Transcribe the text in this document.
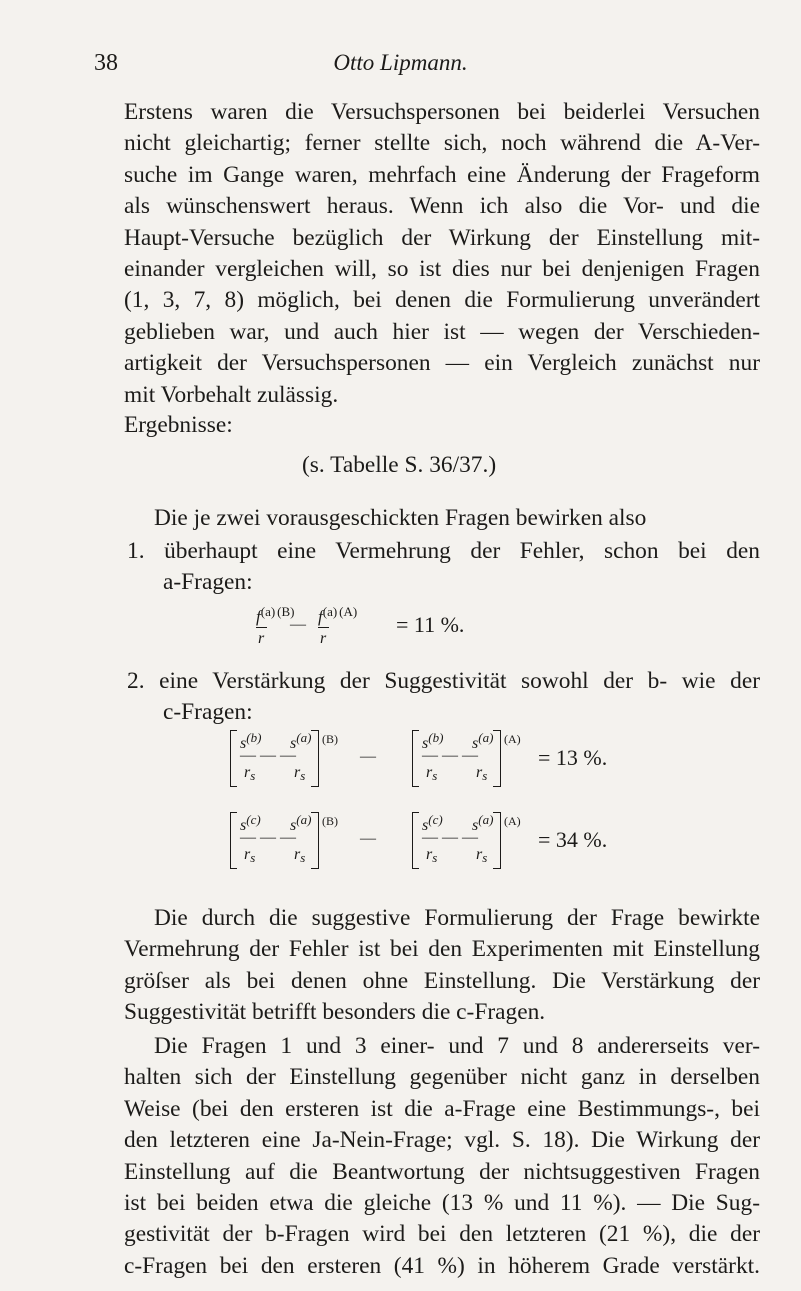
38	Otto Lipmann.
Erstens waren die Versuchspersonen bei beiderlei Versuchen
nicht gleichartig; ferner stellte sich, noch während die A-Ver-
suche im Gange waren, mehrfach eine Änderung der Frageform
als wünschenswert heraus. Wenn ich also die Vor- und die
Haupt-Versuche bezüglich der Wirkung der Einstellung mit-
einander vergleichen will, so ist dies nur bei denjenigen Fragen
(1, 3, 7, 8) möglich, bei denen die Formulierung unverändert
geblieben war, und auch hier ist — wegen der Verschieden-
artigkeit der Versuchspersonen — ein Vergleich zunächst nur
mit Vorbehalt zulässig.
Ergebnisse:
(s. Tabelle S. 36/37.)
Die je zwei vorausgeschickten Fragen bewirken also
1. überhaupt eine Vermehrung der Fehler, schon bei den
a-Fragen:
$f^{(a)}$ $^{(B)}$
r
— $f^{(a)}$ $^{(A)}$
r
= 11 %.
2. eine Verstärkung der Suggestivität sowohl der b- wie der
c-Fragen:
$s^{(b)}$
— — —
rs
$s^{(a)}$
rs
(B)
—
$s^{(b)}$
— — —
rs
$s^{(a)}$
rs
(A)
= 13 %.
$s^{(c)}$
— — —
rs
$s^{(a)}$
rs
(B)
—
$s^{(c)}$
— — —
rs
$s^{(a)}$
rs
(A)
= 34 %.
Die durch die suggestive Formulierung der Frage bewirkte
Vermehrung der Fehler ist bei den Experimenten mit Einstellung
gröſser als bei denen ohne Einstellung. Die Verstärkung der
Suggestivität betrifft besonders die c-Fragen.
Die Fragen 1 und 3 einer- und 7 und 8 andererseits ver-
halten sich der Einstellung gegenüber nicht ganz in derselben
Weise (bei den ersteren ist die a-Frage eine Bestimmungs-, bei
den letzteren eine Ja-Nein-Frage; vgl. S. 18). Die Wirkung der
Einstellung auf die Beantwortung der nichtsuggestiven Fragen
ist bei beiden etwa die gleiche (13 % und 11 %). — Die Sug-
gestivität der b-Fragen wird bei den letzteren (21 %), die der
c-Fragen bei den ersteren (41 %) in höherem Grade verstärkt.
